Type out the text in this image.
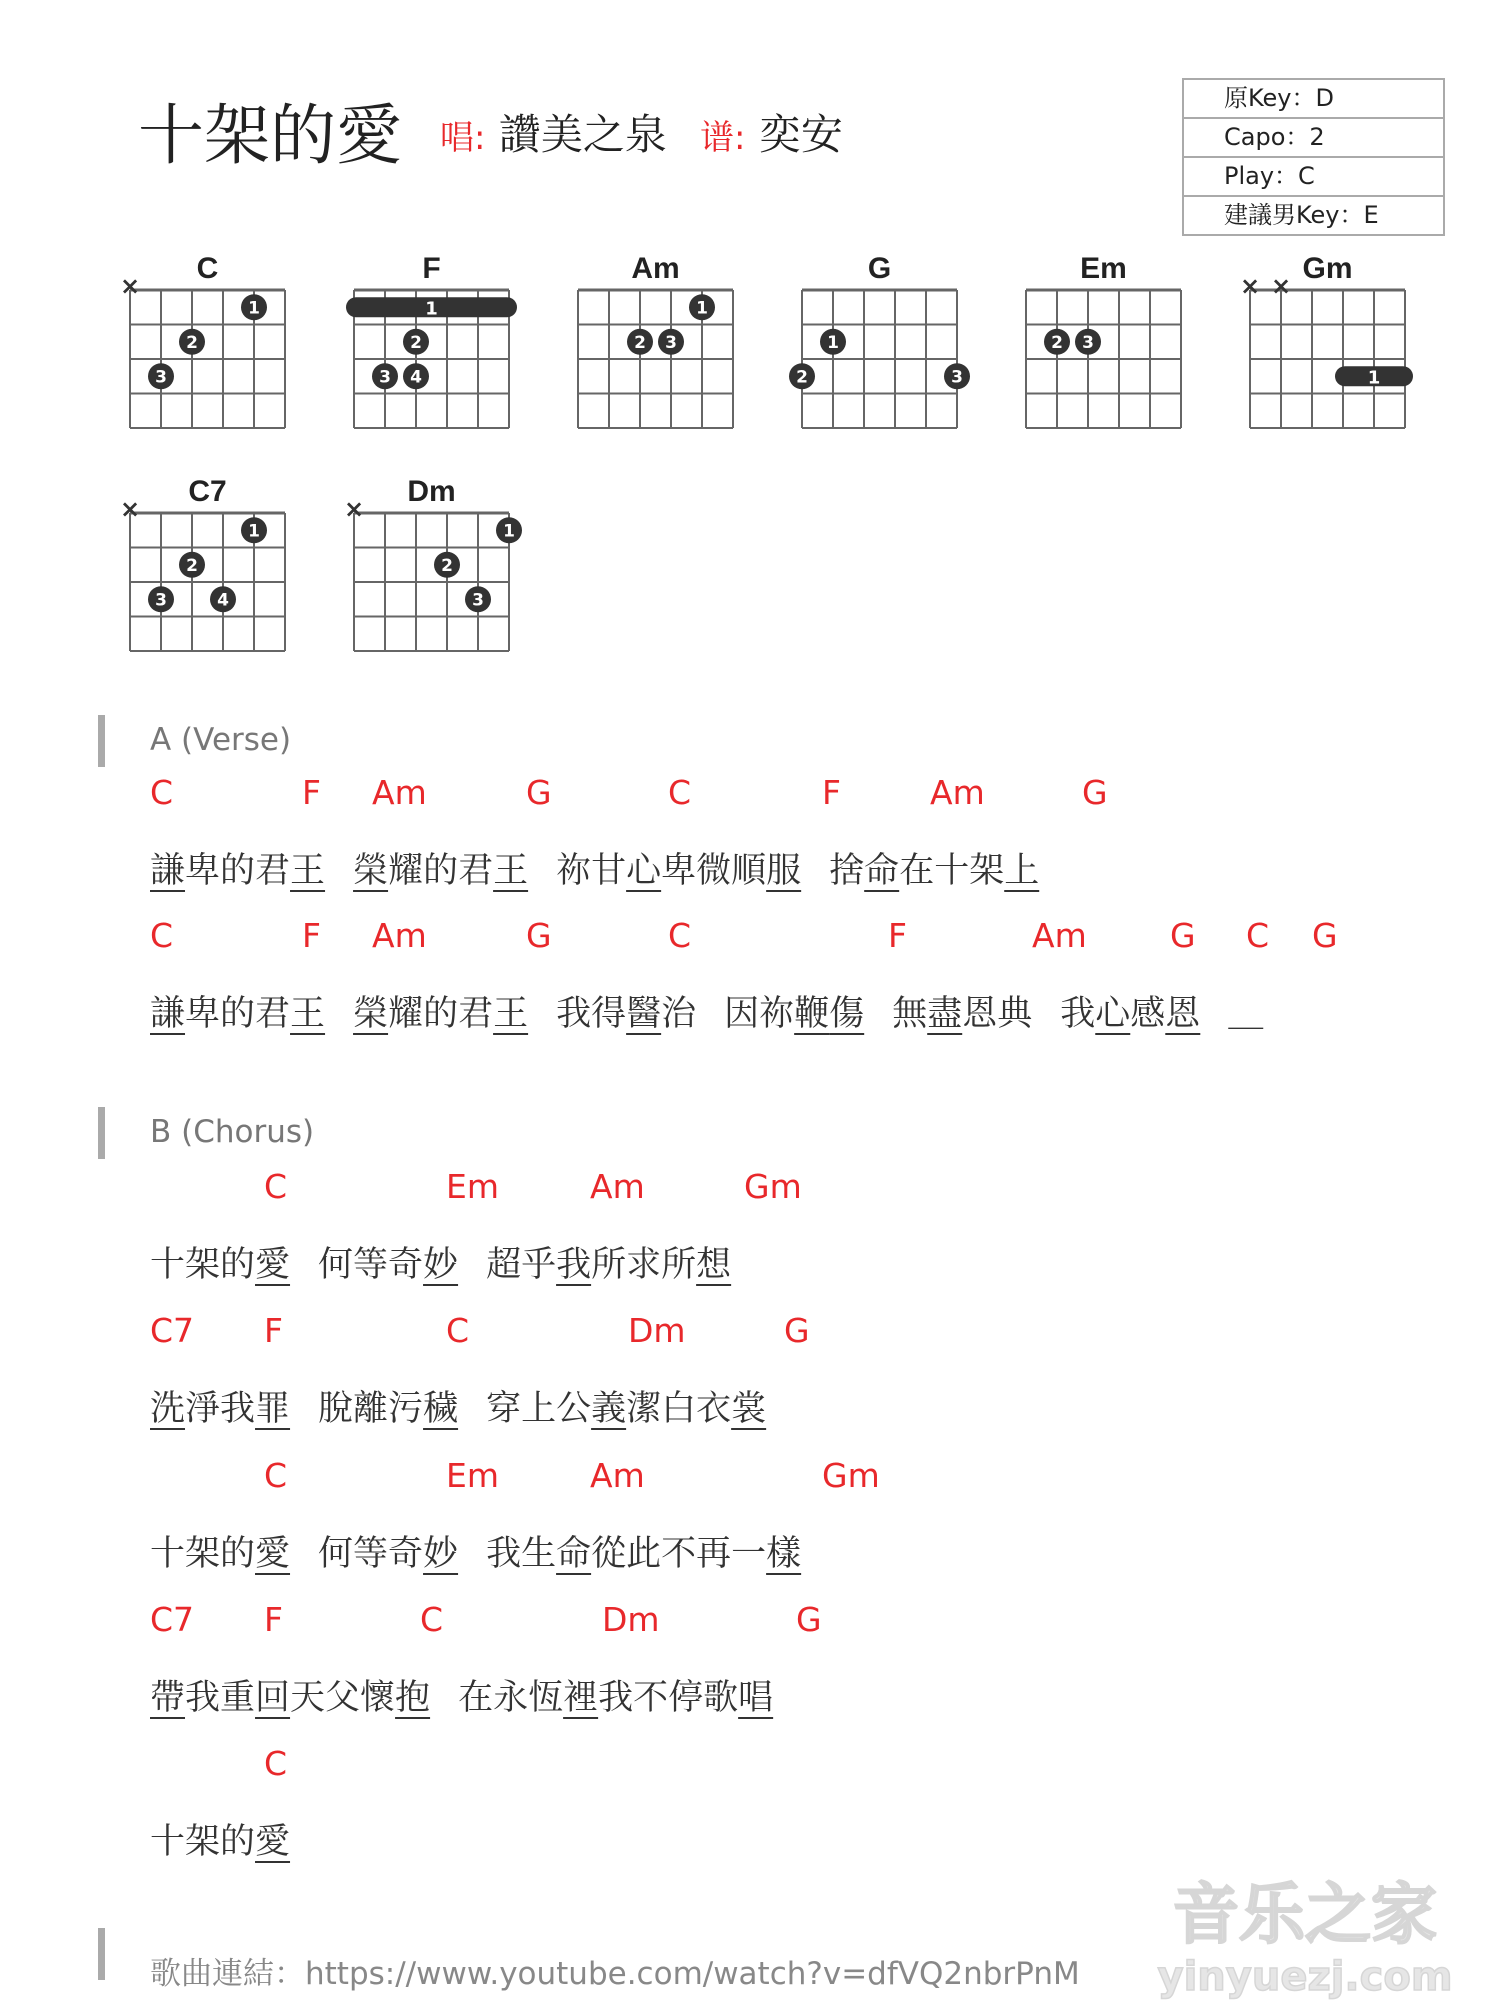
十架的愛 唱: 讚美之泉 谱: 奕安
原Key：D
Capo：2
Play：C
建議男Key：E
C
×
1
2
3
F
1
2
3 4
Am
1
2 3
G
1
2	3
Em
2 3
Gm
× ×
1
C7
×
1
2
3	4
Dm
×
1
2
3
A (Verse)
B (Chorus)
C	F Am	G	C	F	Am	G
C	F Am	G	C	F	Am	G C G
C	Em	Am	Gm
C7 F	C	Dm	G
C	Em	Am	Gm
C7 F	C	Dm	G
C
謙卑的君王 榮耀的君王 祢甘心卑微順服 捨命在十架上
謙卑的君王 榮耀的君王 我得醫治 因祢鞭傷 無盡恩典 我心感恩 ＿
十架的愛 何等奇妙 超乎我所求所想
洗淨我罪 脫離污穢 穿上公義潔白衣裳
十架的愛 何等奇妙 我生命從此不再一樣
帶我重回天父懷抱 在永恆裡我不停歌唱
十架的愛
歌曲連結：https://www.youtube.com/watch?v=dfVQ2nbrPnM
音乐之家
yinyuezj.com
